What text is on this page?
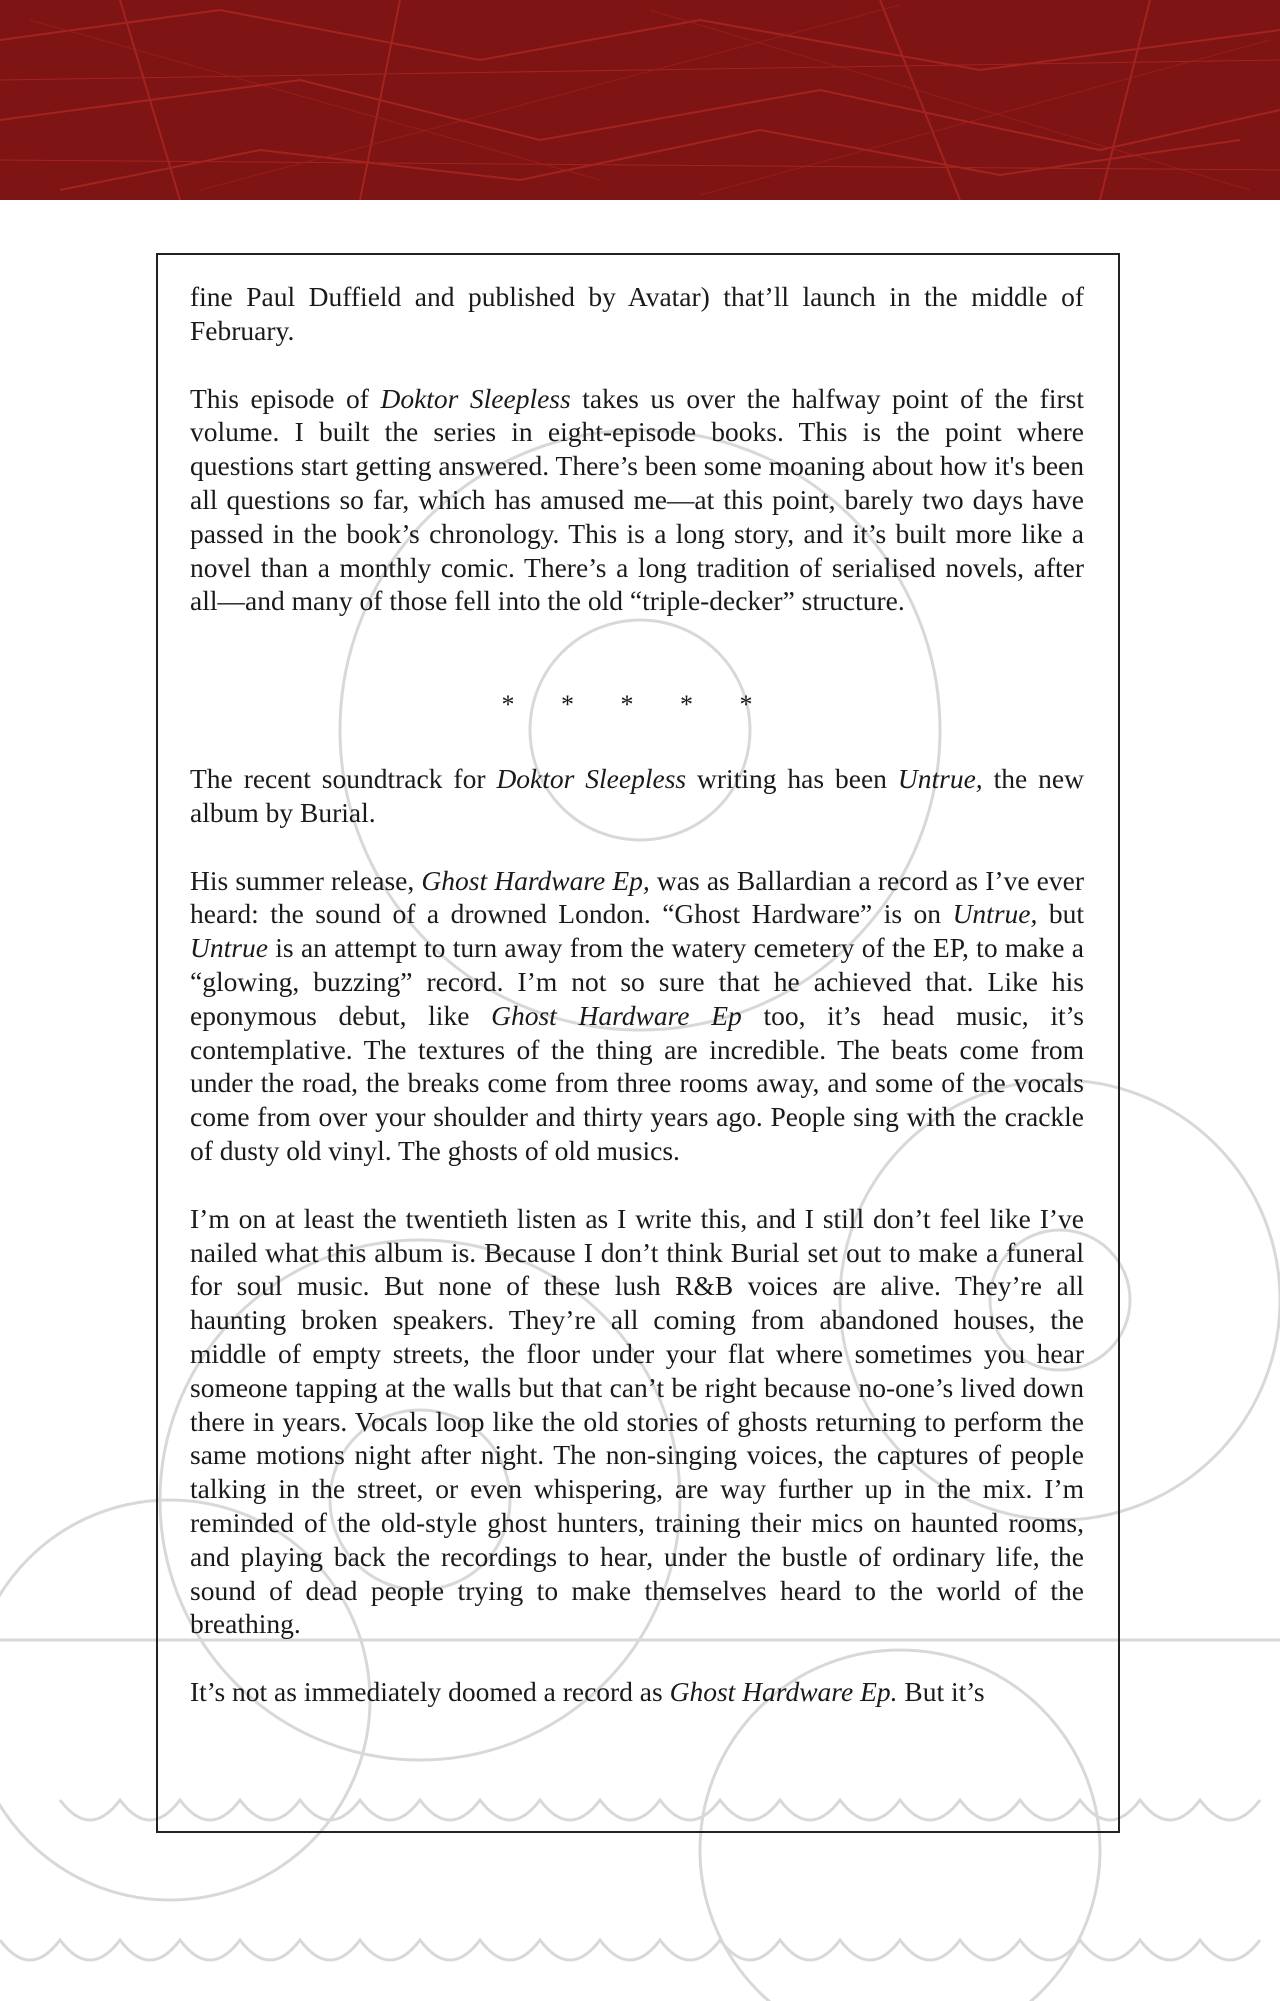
fine Paul Duffield and published by Avatar) that’ll launch in the middle of February.

This episode of Doktor Sleepless takes us over the halfway point of the first volume. I built the series in eight-episode books. This is the point where questions start getting answered. There’s been some moaning about how it's been all questions so far, which has amused me—at this point, barely two days have passed in the book’s chronology. This is a long story, and it’s built more like a novel than a monthly comic. There’s a long tradition of serialised novels, after all—and many of those fell into the old “triple-decker” structure.

* * * * *

The recent soundtrack for Doktor Sleepless writing has been Untrue, the new album by Burial.

His summer release, Ghost Hardware Ep, was as Ballardian a record as I’ve ever heard: the sound of a drowned London. “Ghost Hardware” is on Untrue, but Untrue is an attempt to turn away from the watery cemetery of the EP, to make a “glowing, buzzing” record. I’m not so sure that he achieved that. Like his eponymous debut, like Ghost Hardware Ep too, it’s head music, it’s contemplative. The textures of the thing are incredible. The beats come from under the road, the breaks come from three rooms away, and some of the vocals come from over your shoulder and thirty years ago. People sing with the crackle of dusty old vinyl. The ghosts of old musics.

I’m on at least the twentieth listen as I write this, and I still don’t feel like I’ve nailed what this album is. Because I don’t think Burial set out to make a funeral for soul music. But none of these lush R&B voices are alive. They’re all haunting broken speakers. They’re all coming from abandoned houses, the middle of empty streets, the floor under your flat where sometimes you hear someone tapping at the walls but that can’t be right because no-one’s lived down there in years. Vocals loop like the old stories of ghosts returning to perform the same motions night after night. The non-singing voices, the captures of people talking in the street, or even whispering, are way further up in the mix. I’m reminded of the old-style ghost hunters, training their mics on haunted rooms, and playing back the recordings to hear, under the bustle of ordinary life, the sound of dead people trying to make themselves heard to the world of the breathing.

It’s not as immediately doomed a record as Ghost Hardware Ep. But it’s
